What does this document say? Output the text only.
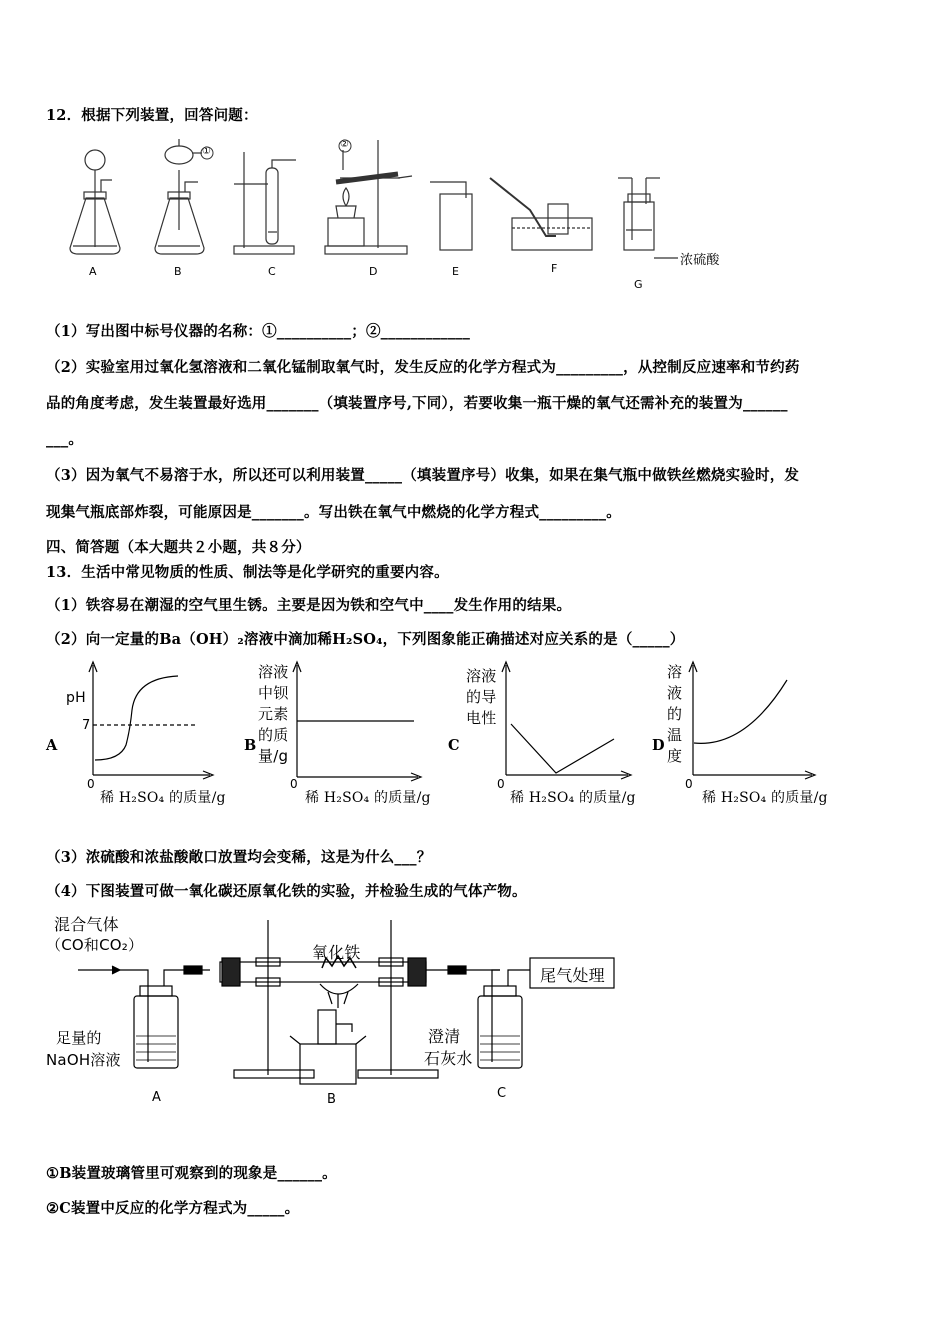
12．根据下列装置，回答问题：
①
②
浓硫酸
A	B	C	D	E	F
G
（1）写出图中标号仪器的名称：①__________；②____________
（2）实验室用过氧化氢溶液和二氧化锰制取氧气时，发生反应的化学方程式为_________，从控制反应速率和节约药
品的角度考虑，发生装置最好选用_______（填装置序号,下同），若要收集一瓶干燥的氧气还需补充的装置为______
___。
（3）因为氧气不易溶于水，所以还可以利用装置_____（填装置序号）收集，如果在集气瓶中做铁丝燃烧实验时，发
现集气瓶底部炸裂，可能原因是_______。写出铁在氧气中燃烧的化学方程式_________。
四、简答题（本大题共２小题，共８分）
13．生活中常见物质的性质、制法等是化学研究的重要内容。
（1）铁容易在潮湿的空气里生锈。主要是因为铁和空气中____发生作用的结果。
（2）向一定量的Ba（OH）₂溶液中滴加稀H₂SO₄，下列图象能正确描述对应关系的是（_____）
A	B	C	D
pH
7
溶液
中钡
元素
的质
量/g
溶液
的导
电性
溶
液
的
温
度
0	0	0	0
稀 H₂SO₄ 的质量/g	稀 H₂SO₄ 的质量/g	稀 H₂SO₄ 的质量/g	稀 H₂SO₄ 的质量/g
（3）浓硫酸和浓盐酸敞口放置均会变稀，这是为什么___？
（4）下图装置可做一氧化碳还原氧化铁的实验，并检验生成的气体产物。
混合气体
（CO和CO₂）	氧化铁
尾气处理
足量的
NaOH溶液
澄清
石灰水
A	B	C
①B装置玻璃管里可观察到的现象是______。
②C装置中反应的化学方程式为_____。
